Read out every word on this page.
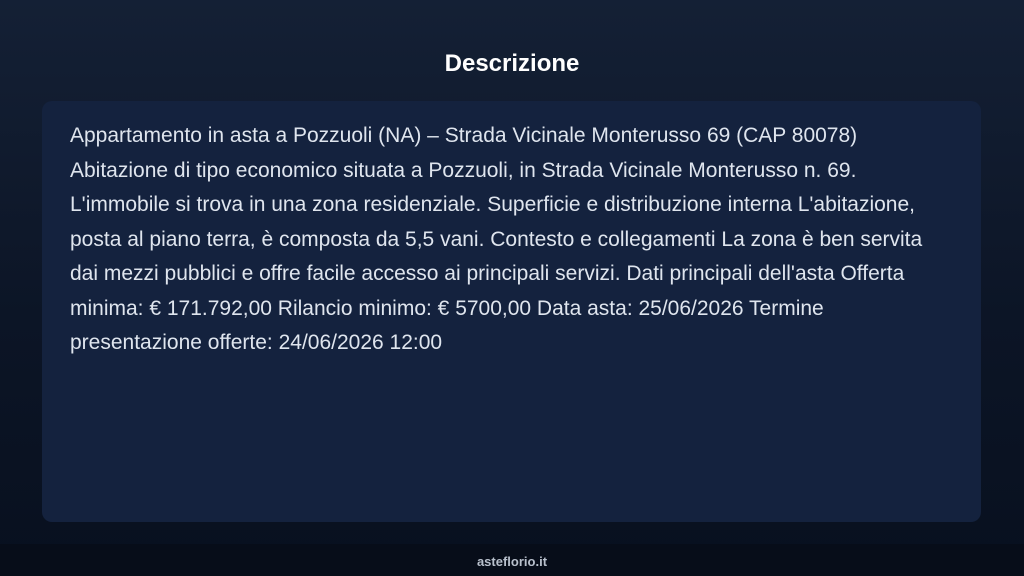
Descrizione

Appartamento in asta a Pozzuoli (NA) – Strada Vicinale Monterusso 69 (CAP 80078) Abitazione di tipo economico situata a Pozzuoli, in Strada Vicinale Monterusso n. 69. L'immobile si trova in una zona residenziale. Superficie e distribuzione interna L'abitazione, posta al piano terra, è composta da 5,5 vani. Contesto e collegamenti La zona è ben servita dai mezzi pubblici e offre facile accesso ai principali servizi. Dati principali dell'asta Offerta minima: € 171.792,00 Rilancio minimo: € 5700,00 Data asta: 25/06/2026 Termine presentazione offerte: 24/06/2026 12:00

asteflorio.it
